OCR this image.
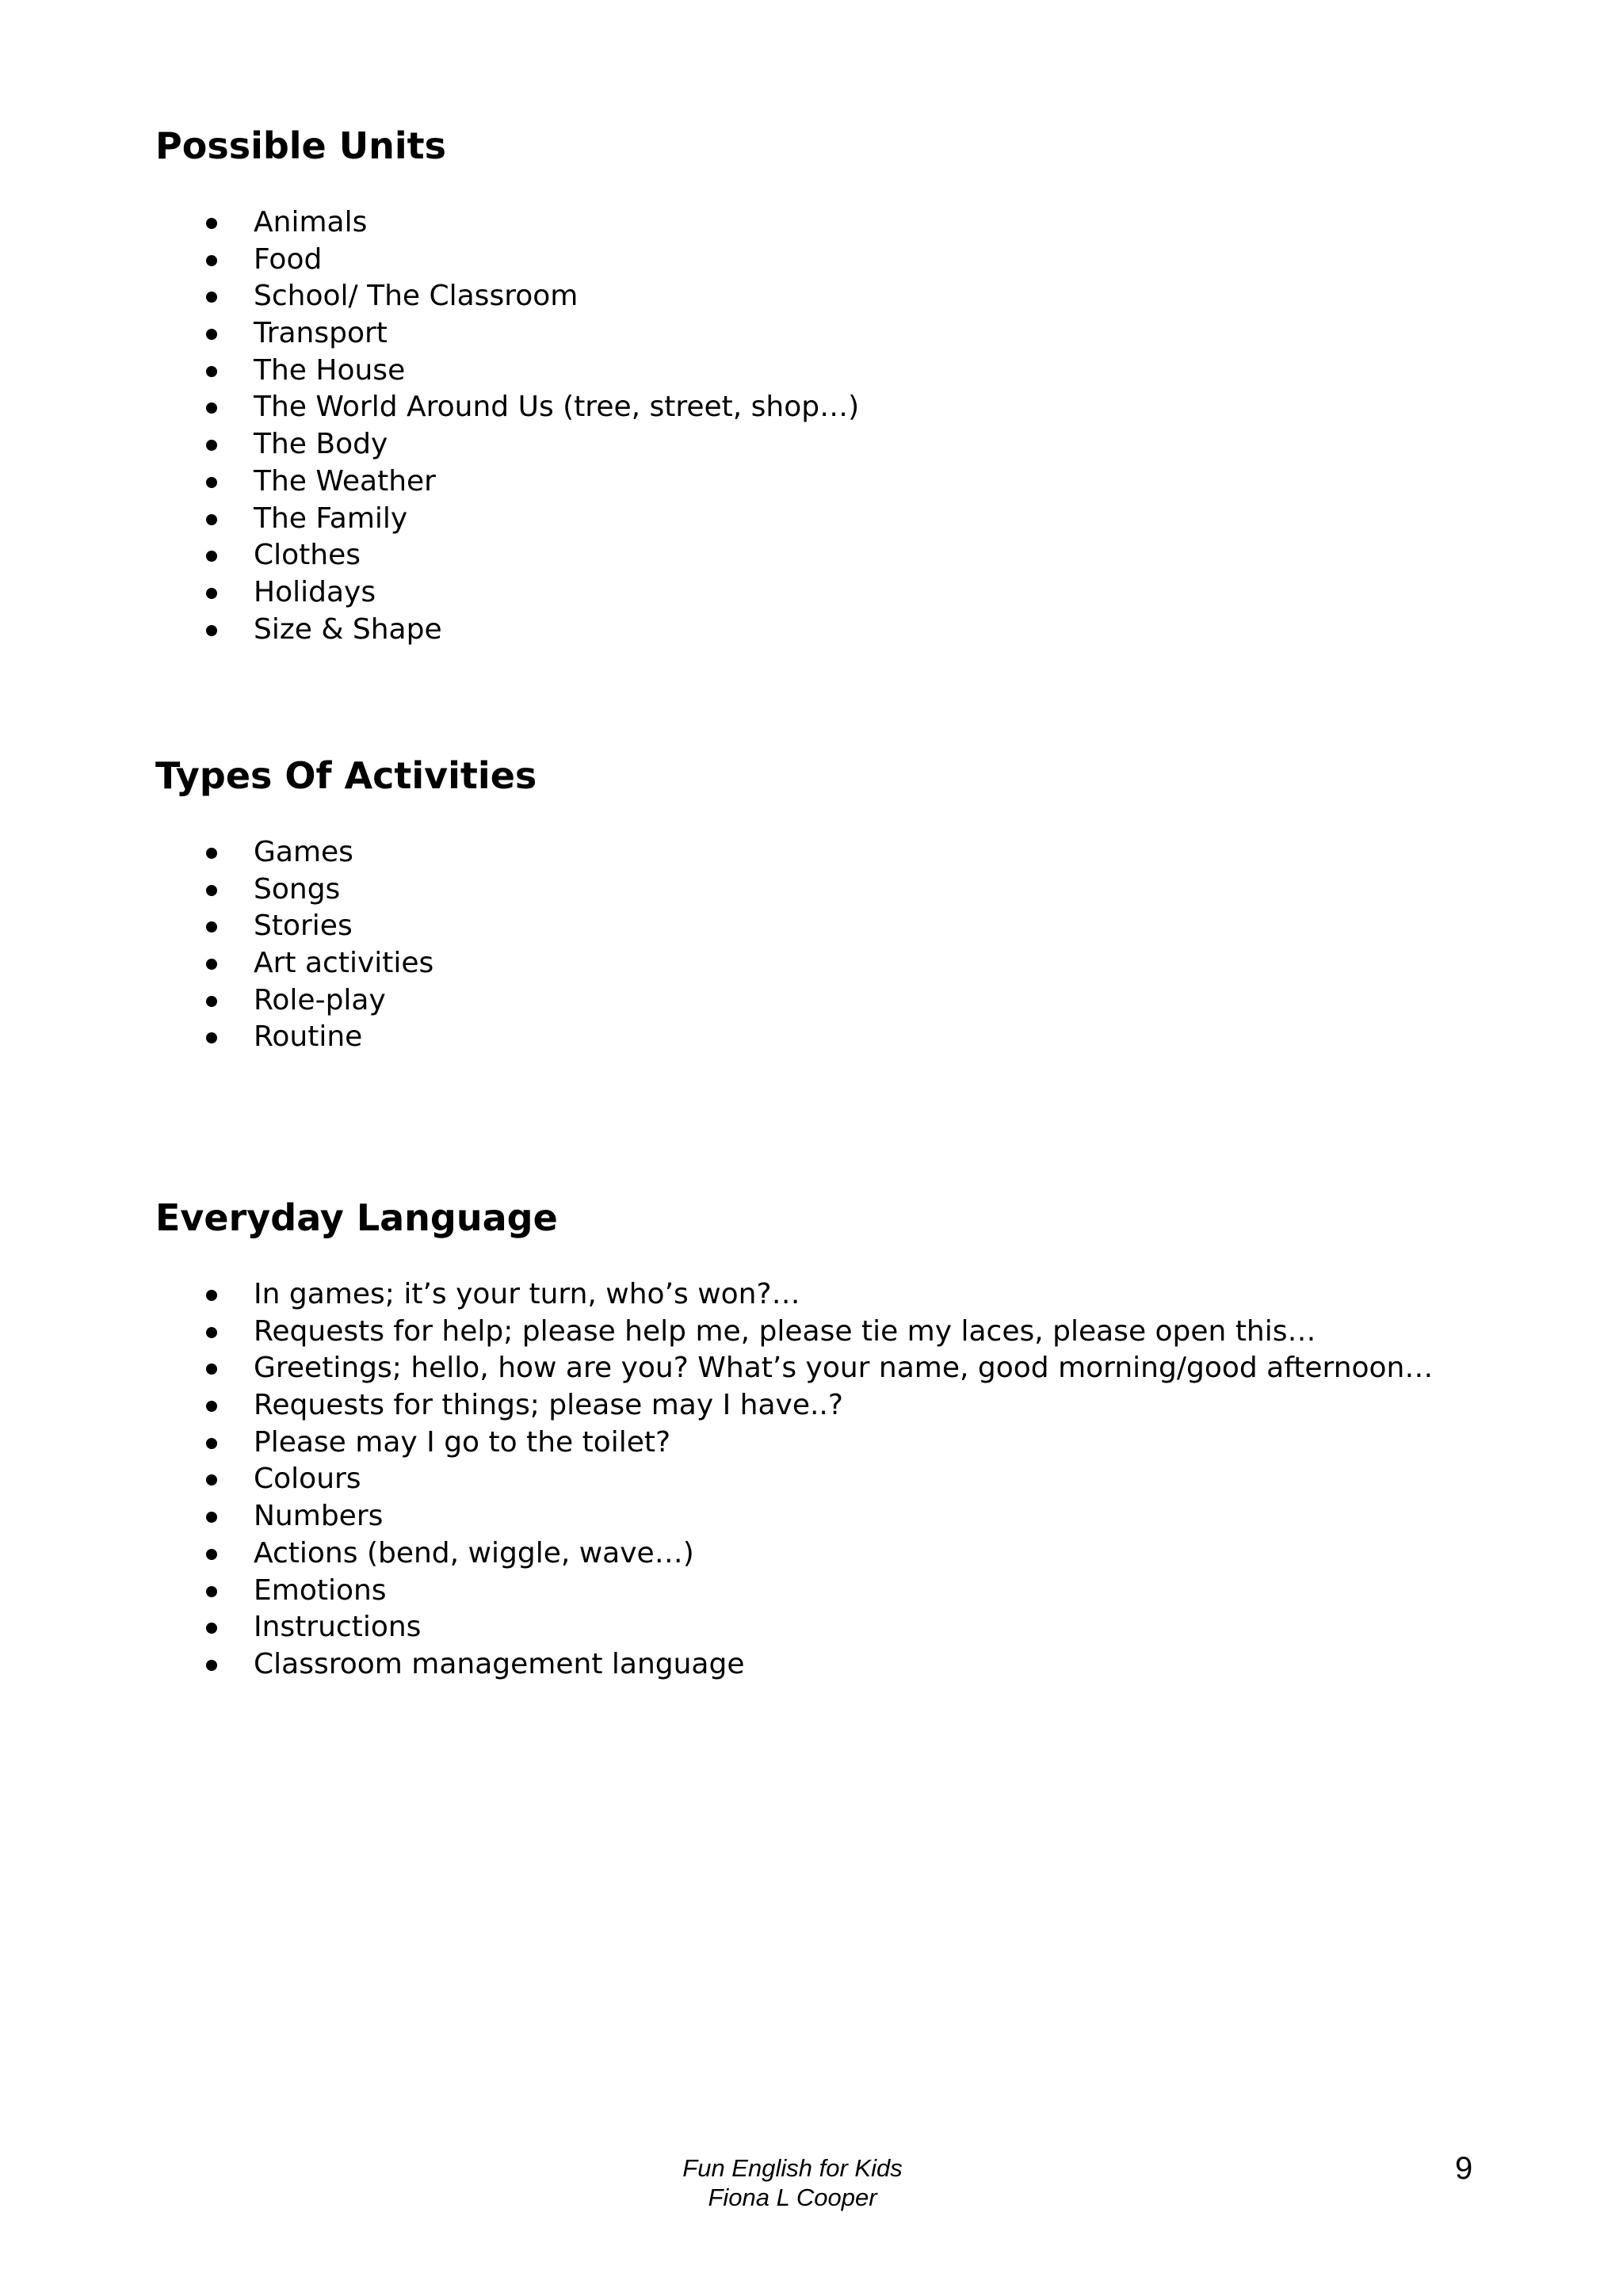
Possible Units
Animals
Food
School/ The Classroom
Transport
The House
The World Around Us (tree, street, shop…)
The Body
The Weather
The Family
Clothes
Holidays
Size & Shape
Types Of Activities
Games
Songs
Stories
Art activities
Role-play
Routine
Everyday Language
In games; it’s your turn, who’s won?…
Requests for help; please help me, please tie my laces, please open this…
Greetings; hello, how are you? What’s your name, good morning/good afternoon…
Requests for things; please may I have..?
Please may I go to the toilet?
Colours
Numbers
Actions (bend, wiggle, wave…)
Emotions
Instructions
Classroom management language
Fun English for Kids
Fiona L Cooper
9
